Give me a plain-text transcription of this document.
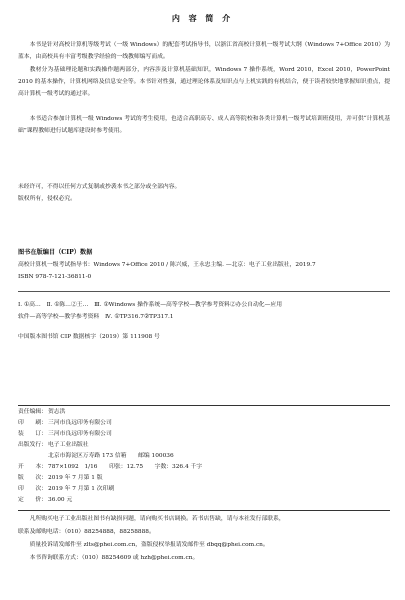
内 容 简 介
本书是针对高校计算机等级考试（一级 Windows）的配套考试指导书，以浙江省高校计算机一级考试大纲（Windows 7+Office 2010）为蓝本，由高校具有丰富考级教学经验的一线教师编写而成。
教材分为基础理论题和实践操作题两部分，内容涉及计算机基础知识，Windows 7 操作系统，Word 2010，Excel 2010，PowerPoint 2010 的基本操作，计算机网络及信息安全等。本书针对性强，通过理论体系及知识点与上机实践的有机结合，便于读者较快地掌握知识重点，提高计算机一级考试的通过率。
本书适合参加计算机一级 Windows 考试的考生使用，也适合高职高专、成人高等院校和各类计算机一级考试培训班使用，并可供“计算机基础”课程教师进行试题库建设时参考使用。
未经许可，不得以任何方式复制或抄袭本书之部分或全部内容。
版权所有，侵权必究。
图书在版编目（CIP）数据
高校计算机一级考试指导书：Windows 7+Office 2010 / 陈兴威，王永忠主编. —北京：电子工业出版社，2019.7
ISBN 978-7-121-36811-0
Ⅰ. ①高…　Ⅱ. ①陈…②王…　Ⅲ. ①Windows 操作系统—高等学校—教学参考资料②办公自动化—应用
软件—高等学校—教学参考资料　Ⅳ. ①TP316.7②TP317.1
中国版本图书馆 CIP 数据核字（2019）第 111908 号
责任编辑：贺志洪
印　　刷：三河市良远印务有限公司
装　　订：三河市良远印务有限公司
出版发行：电子工业出版社
北京市海淀区万寿路 173 信箱　　邮编 100036
开　　本：787×1092　1/16　　印张：12.75　　字数：326.4 千字
版　　次：2019 年 7 月第 1 版
印　　次：2019 年 7 月第 1 次印刷
定　　价：36.00 元
凡所购买电子工业出版社图书有缺损问题，请向购买书店调换。若书店售缺，请与本社发行部联系，
联系及邮购电话：（010）88254888，88258888。
质量投诉请发邮件至 zlts@phei.com.cn，盗版侵权举报请发邮件至 dbqq@phei.com.cn。
本书咨询联系方式：（010）88254609 或 hzh@phei.com.cn。
